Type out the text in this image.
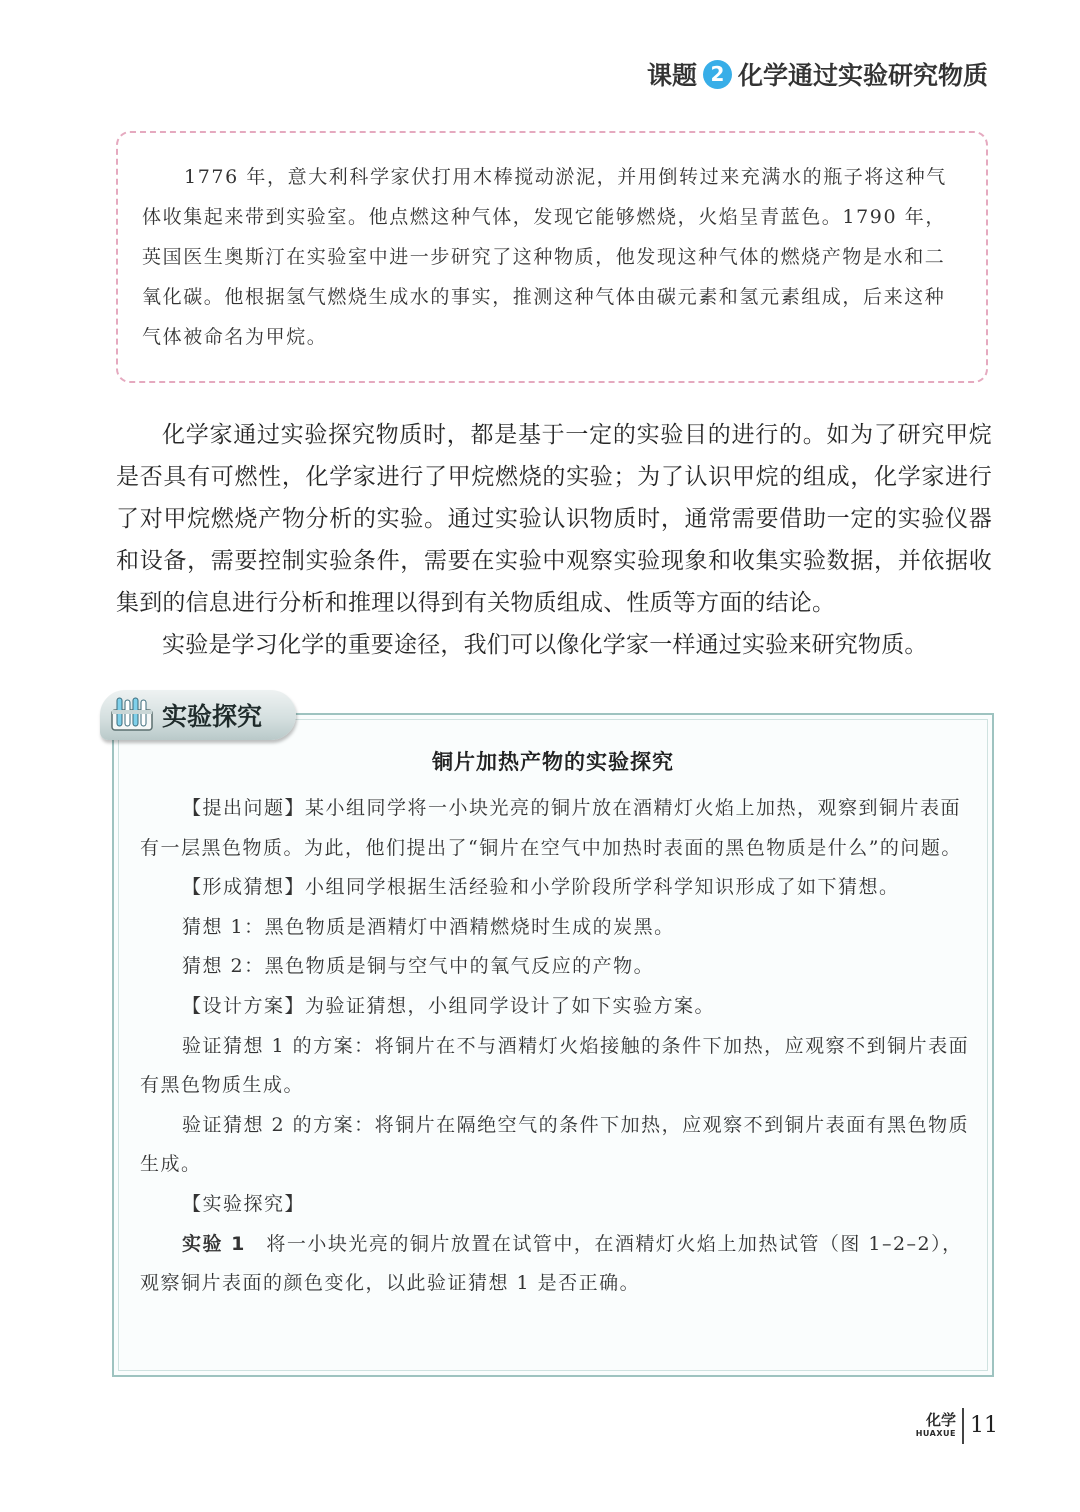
课题 2 化学通过实验研究物质

1776 年，意大利科学家伏打用木棒搅动淤泥，并用倒转过来充满水的瓶子将这种气体收集起来带到实验室。他点燃这种气体，发现它能够燃烧，火焰呈青蓝色。1790 年，英国医生奥斯汀在实验室中进一步研究了这种物质，他发现这种气体的燃烧产物是水和二氧化碳。他根据氢气燃烧生成水的事实，推测这种气体由碳元素和氢元素组成，后来这种气体被命名为甲烷。

化学家通过实验探究物质时，都是基于一定的实验目的进行的。如为了研究甲烷是否具有可燃性，化学家进行了甲烷燃烧的实验；为了认识甲烷的组成，化学家进行了对甲烷燃烧产物分析的实验。通过实验认识物质时，通常需要借助一定的实验仪器和设备，需要控制实验条件，需要在实验中观察实验现象和收集实验数据，并依据收集到的信息进行分析和推理以得到有关物质组成、性质等方面的结论。

实验是学习化学的重要途径，我们可以像化学家一样通过实验来研究物质。

实验探究
铜片加热产物的实验探究

【提出问题】某小组同学将一小块光亮的铜片放在酒精灯火焰上加热，观察到铜片表面有一层黑色物质。为此，他们提出了“铜片在空气中加热时表面的黑色物质是什么”的问题。

【形成猜想】小组同学根据生活经验和小学阶段所学科学知识形成了如下猜想。

猜想 1：黑色物质是酒精灯中酒精燃烧时生成的炭黑。

猜想 2：黑色物质是铜与空气中的氧气反应的产物。

【设计方案】为验证猜想，小组同学设计了如下实验方案。

验证猜想 1 的方案：将铜片在不与酒精灯火焰接触的条件下加热，应观察不到铜片表面有黑色物质生成。

验证猜想 2 的方案：将铜片在隔绝空气的条件下加热，应观察不到铜片表面有黑色物质生成。

【实验探究】

实验 1　将一小块光亮的铜片放置在试管中，在酒精灯火焰上加热试管（图 1–2–2），观察铜片表面的颜色变化，以此验证猜想 1 是否正确。

化学
HUAXUE 11
